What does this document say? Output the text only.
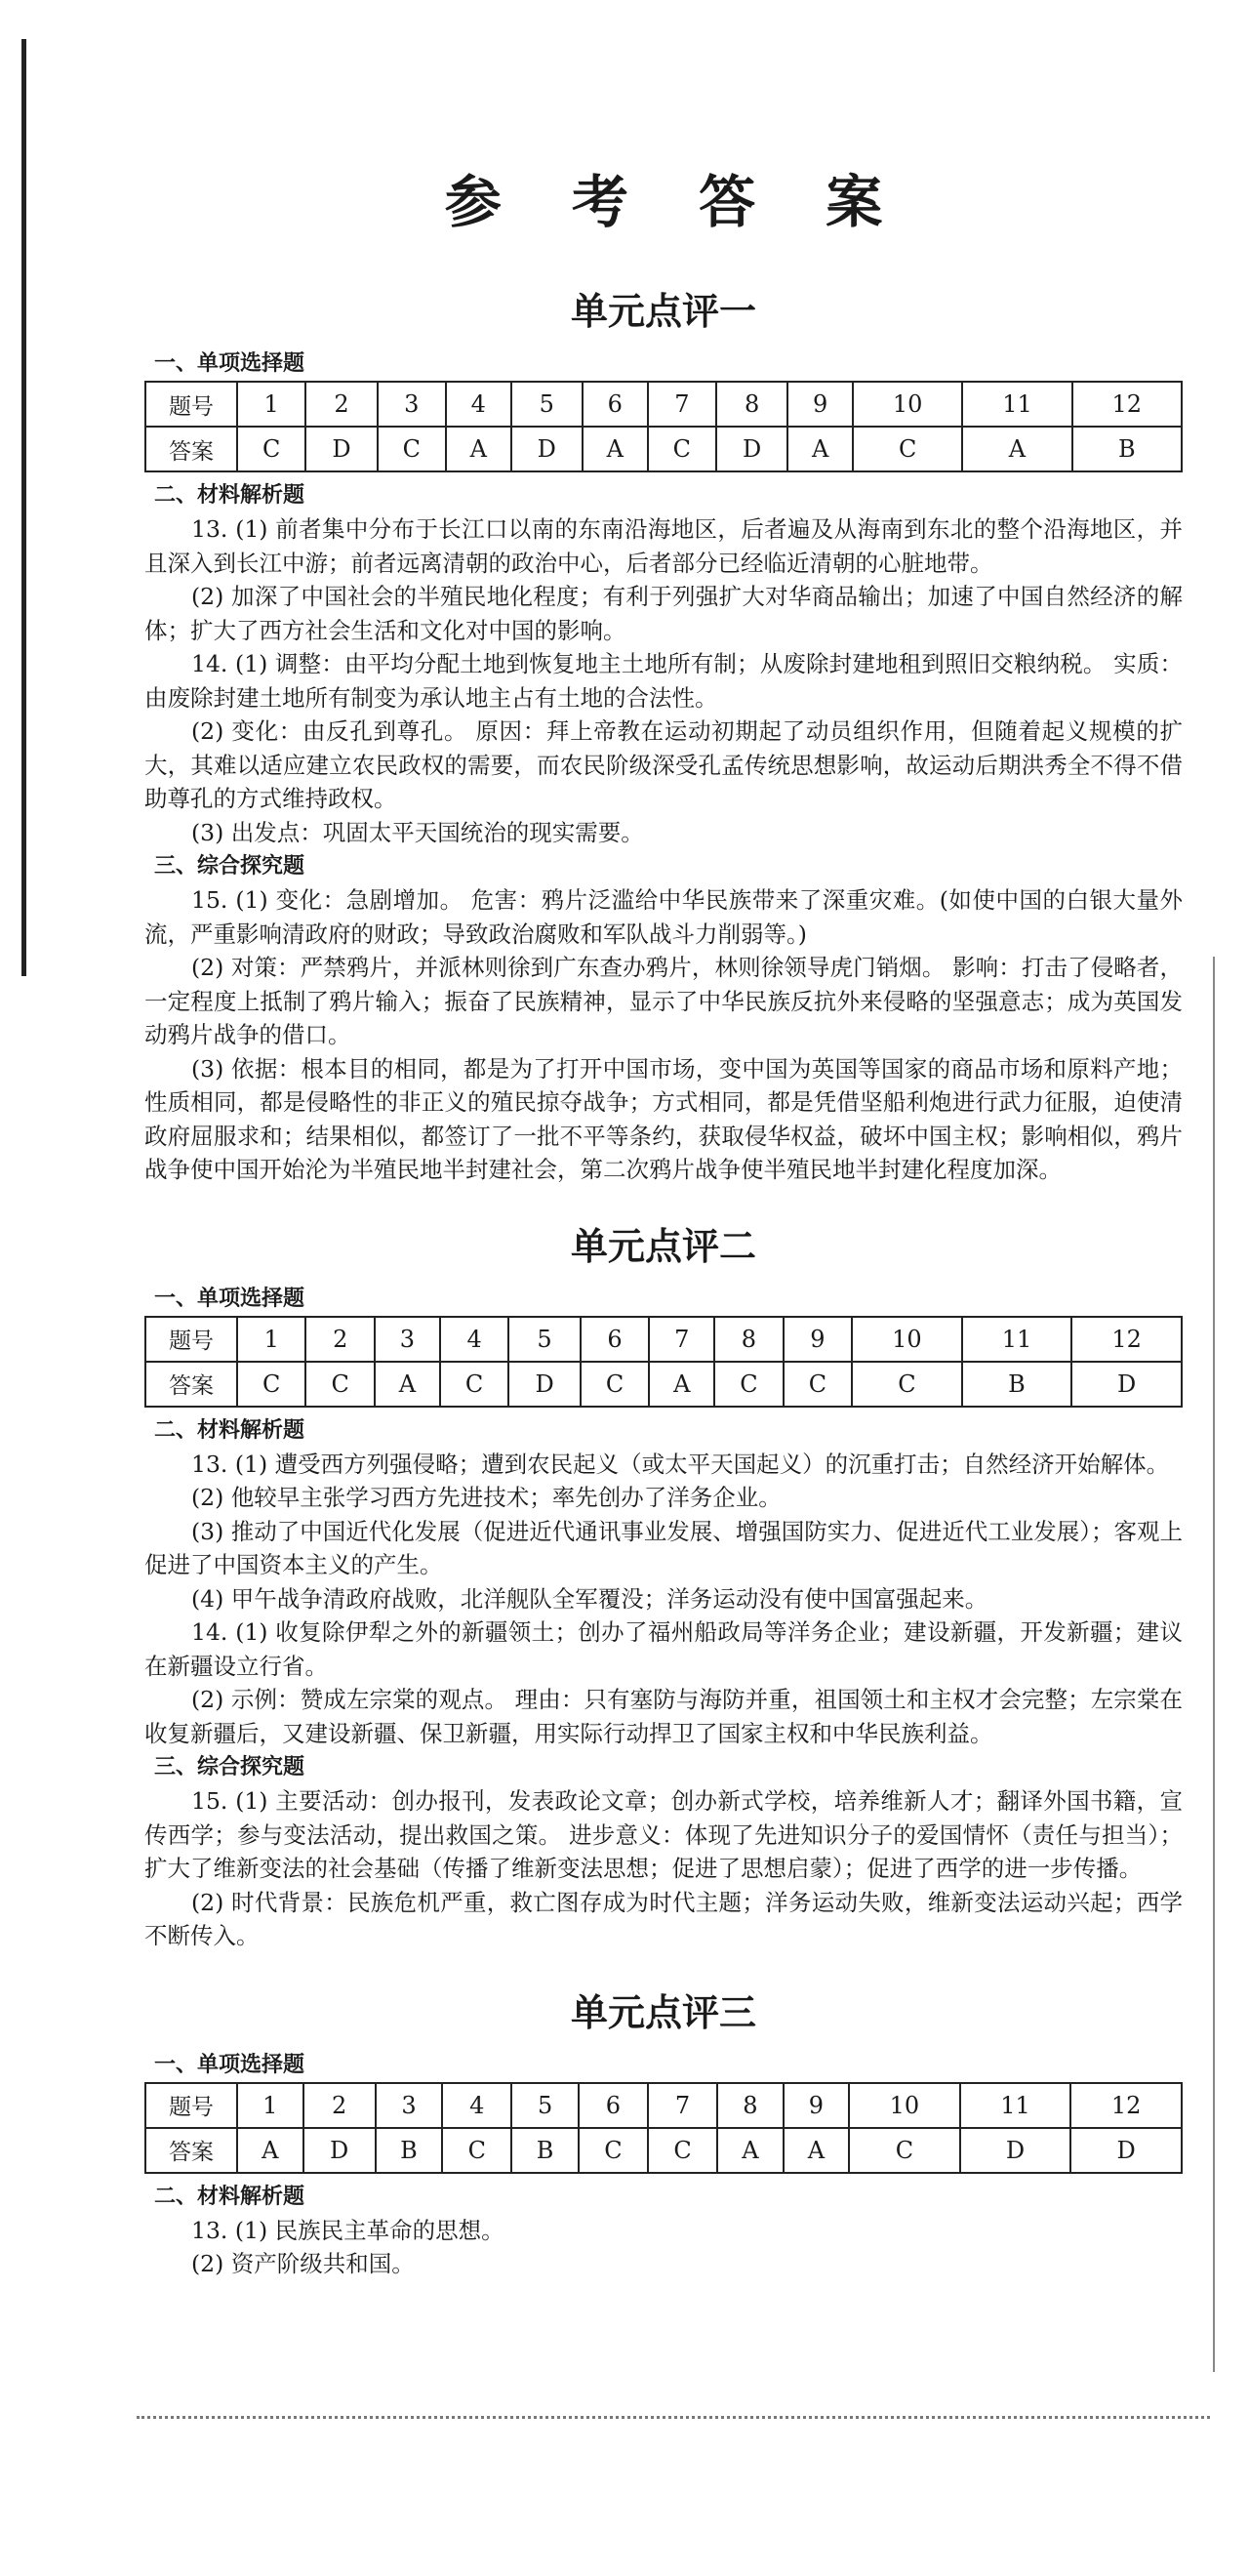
参 考 答 案
单元点评一
一、单项选择题
题号	1	2	3	4	5	6	7	8	9	10	11	12
答案	C	D	C	A	D	A	C	D	A	C	A	B
二、材料解析题

13. (1) 前者集中分布于长江口以南的东南沿海地区，后者遍及从海南到东北的整个沿海地区，并且深入到长江中游；前者远离清朝的政治中心，后者部分已经临近清朝的心脏地带。

(2) 加深了中国社会的半殖民地化程度；有利于列强扩大对华商品输出；加速了中国自然经济的解体；扩大了西方社会生活和文化对中国的影响。

14. (1) 调整：由平均分配土地到恢复地主土地所有制；从废除封建地租到照旧交粮纳税。 实质：由废除封建土地所有制变为承认地主占有土地的合法性。

(2) 变化：由反孔到尊孔。 原因：拜上帝教在运动初期起了动员组织作用，但随着起义规模的扩大，其难以适应建立农民政权的需要，而农民阶级深受孔孟传统思想影响，故运动后期洪秀全不得不借助尊孔的方式维持政权。

(3) 出发点：巩固太平天国统治的现实需要。

三、综合探究题

15. (1) 变化：急剧增加。 危害：鸦片泛滥给中华民族带来了深重灾难。(如使中国的白银大量外流，严重影响清政府的财政；导致政治腐败和军队战斗力削弱等。)

(2) 对策：严禁鸦片，并派林则徐到广东查办鸦片，林则徐领导虎门销烟。 影响：打击了侵略者，一定程度上抵制了鸦片输入；振奋了民族精神，显示了中华民族反抗外来侵略的坚强意志；成为英国发动鸦片战争的借口。

(3) 依据：根本目的相同，都是为了打开中国市场，变中国为英国等国家的商品市场和原料产地；性质相同，都是侵略性的非正义的殖民掠夺战争；方式相同，都是凭借坚船利炮进行武力征服，迫使清政府屈服求和；结果相似，都签订了一批不平等条约，获取侵华权益，破坏中国主权；影响相似，鸦片战争使中国开始沦为半殖民地半封建社会，第二次鸦片战争使半殖民地半封建化程度加深。

单元点评二
一、单项选择题
题号	1	2	3	4	5	6	7	8	9	10	11	12
答案	C	C	A	C	D	C	A	C	C	C	B	D
二、材料解析题

13. (1) 遭受西方列强侵略；遭到农民起义（或太平天国起义）的沉重打击；自然经济开始解体。

(2) 他较早主张学习西方先进技术；率先创办了洋务企业。

(3) 推动了中国近代化发展（促进近代通讯事业发展、增强国防实力、促进近代工业发展）；客观上促进了中国资本主义的产生。

(4) 甲午战争清政府战败，北洋舰队全军覆没；洋务运动没有使中国富强起来。

14. (1) 收复除伊犁之外的新疆领土；创办了福州船政局等洋务企业；建设新疆，开发新疆；建议在新疆设立行省。

(2) 示例：赞成左宗棠的观点。 理由：只有塞防与海防并重，祖国领土和主权才会完整；左宗棠在收复新疆后，又建设新疆、保卫新疆，用实际行动捍卫了国家主权和中华民族利益。

三、综合探究题

15. (1) 主要活动：创办报刊，发表政论文章；创办新式学校，培养维新人才；翻译外国书籍，宣传西学；参与变法活动，提出救国之策。 进步意义：体现了先进知识分子的爱国情怀（责任与担当）；扩大了维新变法的社会基础（传播了维新变法思想；促进了思想启蒙）；促进了西学的进一步传播。

(2) 时代背景：民族危机严重，救亡图存成为时代主题；洋务运动失败，维新变法运动兴起；西学不断传入。

单元点评三
一、单项选择题
题号	1	2	3	4	5	6	7	8	9	10	11	12
答案	A	D	B	C	B	C	C	A	A	C	D	D
二、材料解析题

13. (1) 民族民主革命的思想。

(2) 资产阶级共和国。
